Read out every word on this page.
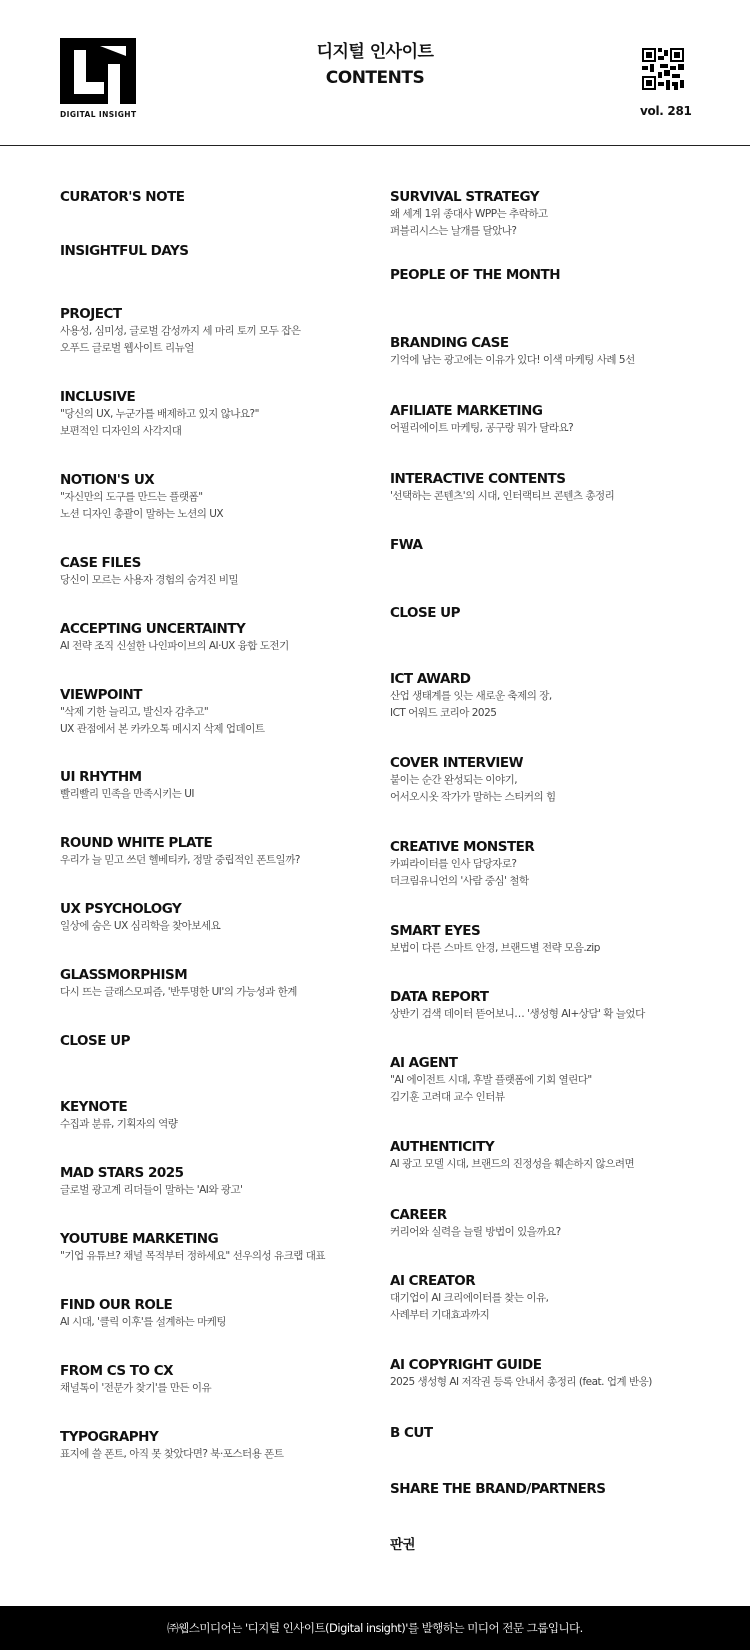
DIGITAL INSIGHT
디지털 인사이트
CONTENTS
vol. 281
CURATOR'S NOTE
INSIGHTFUL DAYS
PROJECT
사용성, 심미성, 글로벌 감성까지 세 마리 토끼 모두 잡은
오푸드 글로벌 웹사이트 리뉴얼
INCLUSIVE
"당신의 UX, 누군가를 배제하고 있지 않나요?"
보편적인 디자인의 사각지대
NOTION'S UX
"자신만의 도구를 만드는 플랫폼"
노션 디자인 총괄이 말하는 노션의 UX
CASE FILES
당신이 모르는 사용자 경험의 숨겨진 비밀
ACCEPTING UNCERTAINTY
AI 전략 조직 신설한 나인파이브의 AI·UX 융합 도전기
VIEWPOINT
"삭제 기한 늘리고, 발신자 감추고"
UX 관점에서 본 카카오톡 메시지 삭제 업데이트
UI RHYTHM
빨리빨리 민족을 만족시키는 UI
ROUND WHITE PLATE
우리가 늘 믿고 쓰던 헬베티카, 정말 중립적인 폰트일까?
UX PSYCHOLOGY
일상에 숨은 UX 심리학을 찾아보세요
GLASSMORPHISM
다시 뜨는 글래스모피즘, '반투명한 UI'의 가능성과 한계
CLOSE UP
KEYNOTE
수집과 분류, 기획자의 역량
MAD STARS 2025
글로벌 광고계 리더들이 말하는 'AI와 광고'
YOUTUBE MARKETING
"기업 유튜브? 채널 목적부터 정하세요" 선우의성 유크랩 대표
FIND OUR ROLE
AI 시대, '클릭 이후'를 설계하는 마케팅
FROM CS TO CX
채널톡이 '전문가 찾기'를 만든 이유
TYPOGRAPHY
표지에 쓸 폰트, 아직 못 찾았다면? 북·포스터용 폰트
SURVIVAL STRATEGY
왜 세계 1위 종대사 WPP는 추락하고
퍼블리시스는 날개를 달았나?
PEOPLE OF THE MONTH
BRANDING CASE
기억에 남는 광고에는 이유가 있다! 이색 마케팅 사례 5선
AFILIATE MARKETING
어필리에이트 마케팅, 공구랑 뭐가 달라요?
INTERACTIVE CONTENTS
'선택하는 콘텐츠'의 시대, 인터랙티브 콘텐츠 총정리
FWA
CLOSE UP
ICT AWARD
산업 생태계를 잇는 새로운 축제의 장,
ICT 어워드 코리아 2025
COVER INTERVIEW
붙이는 순간 완성되는 이야기,
어서오시옷 작가가 말하는 스티커의 힘
CREATIVE MONSTER
카피라이터를 인사 담당자로?
더크림유니언의 '사람 중심' 철학
SMART EYES
보법이 다른 스마트 안경, 브랜드별 전략 모음.zip
DATA REPORT
상반기 검색 데이터 뜯어보니… '생성형 AI+상담' 확 늘었다
AI AGENT
"AI 에이전트 시대, 후발 플랫폼에 기회 열린다"
김기훈 고려대 교수 인터뷰
AUTHENTICITY
AI 광고 모델 시대, 브랜드의 진정성을 훼손하지 않으려면
CAREER
커리어와 실력을 늘릴 방법이 있을까요?
AI CREATOR
대기업이 AI 크리에이터를 찾는 이유,
사례부터 기대효과까지
AI COPYRIGHT GUIDE
2025 생성형 AI 저작권 등록 안내서 총정리 (feat. 업계 반응)
B CUT
SHARE THE BRAND/PARTNERS
판권
㈜웹스미디어는 '디지털 인사이트(Digital insight)'를 발행하는 미디어 전문 그룹입니다.
